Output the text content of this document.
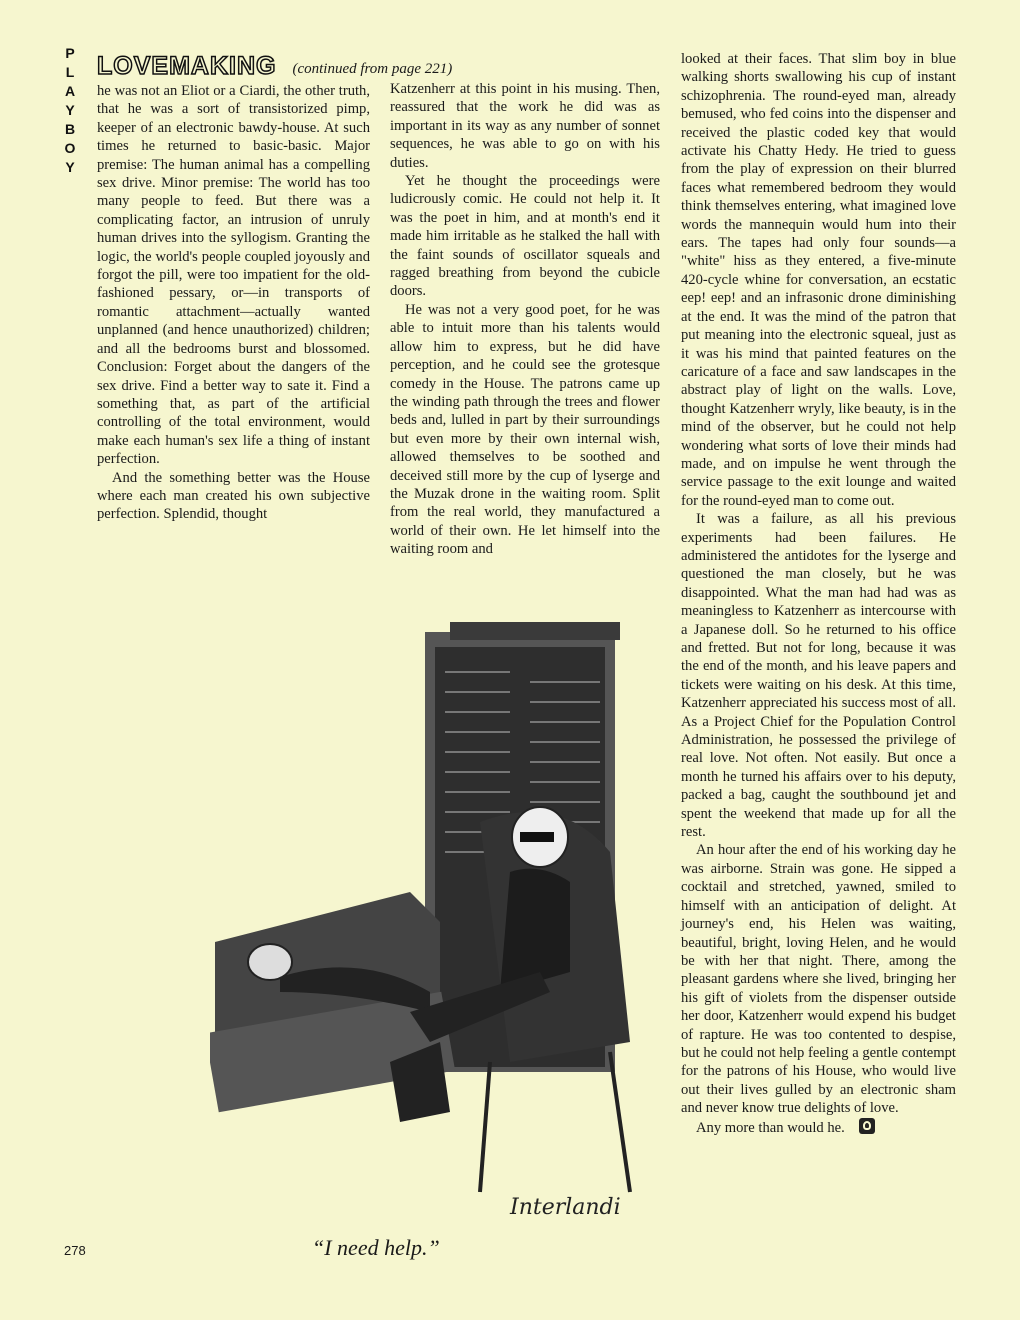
P
L
A
Y
B
O
Y
LOVEMAKING (continued from page 221)

he was not an Eliot or a Ciardi, the other truth, that he was a sort of transistorized pimp, keeper of an electronic bawdy-house. At such times he returned to basic-basic. Major premise: The human animal has a compelling sex drive. Minor premise: The world has too many people to feed. But there was a complicating factor, an intrusion of unruly human drives into the syllogism. Granting the logic, the world's people coupled joyously and forgot the pill, were too impatient for the old-fashioned pessary, or—in transports of romantic attachment—actually wanted unplanned (and hence unauthorized) children; and all the bedrooms burst and blossomed. Conclusion: Forget about the dangers of the sex drive. Find a better way to sate it. Find a something that, as part of the artificial controlling of the total environment, would make each human's sex life a thing of instant perfection.

And the something better was the House where each man created his own subjective perfection. Splendid, thought

Katzenherr at this point in his musing. Then, reassured that the work he did was as important in its way as any number of sonnet sequences, he was able to go on with his duties.

Yet he thought the proceedings were ludicrously comic. He could not help it. It was the poet in him, and at month's end it made him irritable as he stalked the hall with the faint sounds of oscillator squeals and ragged breathing from beyond the cubicle doors.

He was not a very good poet, for he was able to intuit more than his talents would allow him to express, but he did have perception, and he could see the grotesque comedy in the House. The patrons came up the winding path through the trees and flower beds and, lulled in part by their surroundings but even more by their own internal wish, allowed themselves to be soothed and deceived still more by the cup of lysergе and the Muzak drone in the waiting room. Split from the real world, they manufactured a world of their own. He let himself into the waiting room and

looked at their faces. That slim boy in blue walking shorts swallowing his cup of instant schizophrenia. The round-eyed man, already bemused, who fed coins into the dispenser and received the plastic coded key that would activate his Chatty Hedy. He tried to guess from the play of expression on their blurred faces what remembered bedroom they would think themselves entering, what imagined love words the mannequin would hum into their ears. The tapes had only four sounds—a "white" hiss as they entered, a five-minute 420-cycle whine for conversation, an ecstatic eep! eep! and an infrasonic drone diminishing at the end. It was the mind of the patron that put meaning into the electronic squeal, just as it was his mind that painted features on the caricature of a face and saw landscapes in the abstract play of light on the walls. Love, thought Katzenherr wryly, like beauty, is in the mind of the observer, but he could not help wondering what sorts of love their minds had made, and on impulse he went through the service passage to the exit lounge and waited for the round-eyed man to come out.

It was a failure, as all his previous experiments had been failures. He administered the antidotes for the lysergе and questioned the man closely, but he was disappointed. What the man had had was as meaningless to Katzenherr as intercourse with a Japanese doll. So he returned to his office and fretted. But not for long, because it was the end of the month, and his leave papers and tickets were waiting on his desk. At this time, Katzenherr appreciated his success most of all. As a Project Chief for the Population Control Administration, he possessed the privilege of real love. Not often. Not easily. But once a month he turned his affairs over to his deputy, packed a bag, caught the southbound jet and spent the weekend that made up for all the rest.

An hour after the end of his working day he was airborne. Strain was gone. He sipped a cocktail and stretched, yawned, smiled to himself with an anticipation of delight. At journey's end, his Helen was waiting, beautiful, bright, loving Helen, and he would be with her that night. There, among the pleasant gardens where she lived, bringing her his gift of violets from the dispenser outside her door, Katzenherr would expend his budget of rapture. He was too contented to despise, but he could not help feeling a gentle contempt for the patrons of his House, who would live out their lives gulled by an electronic sham and never know true delights of love.

Any more than would he.

Interlandi
“I need help.”
278
